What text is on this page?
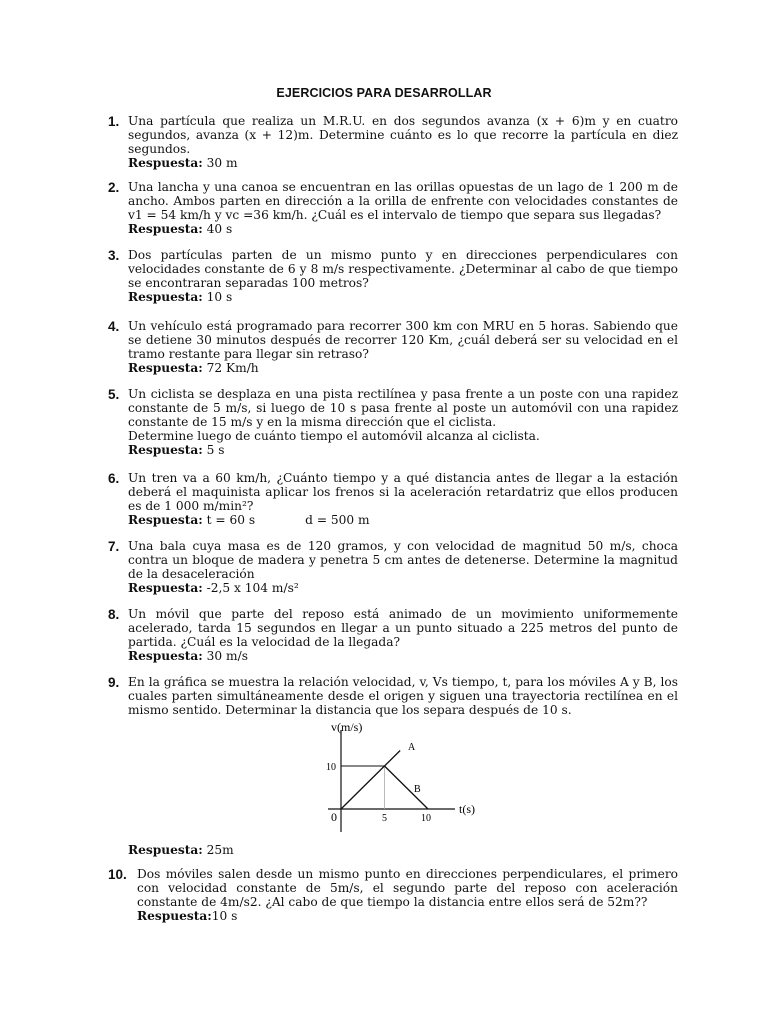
EJERCICIOS PARA DESARROLLAR
1. Una partícula que realiza un M.R.U. en dos segundos avanza (x + 6)m y en cuatro segundos, avanza (x + 12)m. Determine cuánto es lo que recorre la partícula en diez segundos.

Respuesta: 30 m
2. Una lancha y una canoa se encuentran en las orillas opuestas de un lago de 1 200 m de ancho. Ambos parten en dirección a la orilla de enfrente con velocidades constantes de v1 = 54 km/h y vc =36 km/h. ¿Cuál es el intervalo de tiempo que separa sus llegadas?

Respuesta: 40 s
3. Dos partículas parten de un mismo punto y en direcciones perpendiculares con velocidades constante de 6 y 8 m/s respectivamente. ¿Determinar al cabo de que tiempo se encontraran separadas 100 metros?

Respuesta: 10 s
4. Un vehículo está programado para recorrer 300 km con MRU en 5 horas. Sabiendo que se detiene 30 minutos después de recorrer 120 Km, ¿cuál deberá ser su velocidad en el tramo restante para llegar sin retraso?

Respuesta: 72 Km/h
5. Un ciclista se desplaza en una pista rectilínea y pasa frente a un poste con una rapidez constante de 5 m/s, si luego de 10 s pasa frente al poste un automóvil con una rapidez constante de 15 m/s y en la misma dirección que el ciclista.

Determine luego de cuánto tiempo el automóvil alcanza al ciclista.

Respuesta: 5 s
6. Un tren va a 60 km/h, ¿Cuánto tiempo y a qué distancia antes de llegar a la estación deberá el maquinista aplicar los frenos si la aceleración retardatriz que ellos producen es de 1 000 m/min²?

Respuesta: t = 60 s	d = 500 m
7. Una bala cuya masa es de 120 gramos, y con velocidad de magnitud 50 m/s, choca contra un bloque de madera y penetra 5 cm antes de detenerse. Determine la magnitud de la desaceleración

Respuesta: -2,5 x 104 m/s²
8. Un móvil que parte del reposo está animado de un movimiento uniformemente acelerado, tarda 15 segundos en llegar a un punto situado a 225 metros del punto de partida. ¿Cuál es la velocidad de la llegada?

Respuesta: 30 m/s
9. En la gráfica se muestra la relación velocidad, v, Vs tiempo, t, para los móviles A y B, los cuales parten simultáneamente desde el origen y siguen una trayectoria rectilínea en el mismo sentido. Determinar la distancia que los separa después de 10 s.

v(m/s)
t(s)
0
10
5	10
A
B
Respuesta: 25m
10. Dos móviles salen desde un mismo punto en direcciones perpendiculares, el primero con velocidad constante de 5m/s, el segundo parte del reposo con aceleración constante de 4m/s2. ¿Al cabo de que tiempo la distancia entre ellos será de 52m??

Respuesta:10 s
